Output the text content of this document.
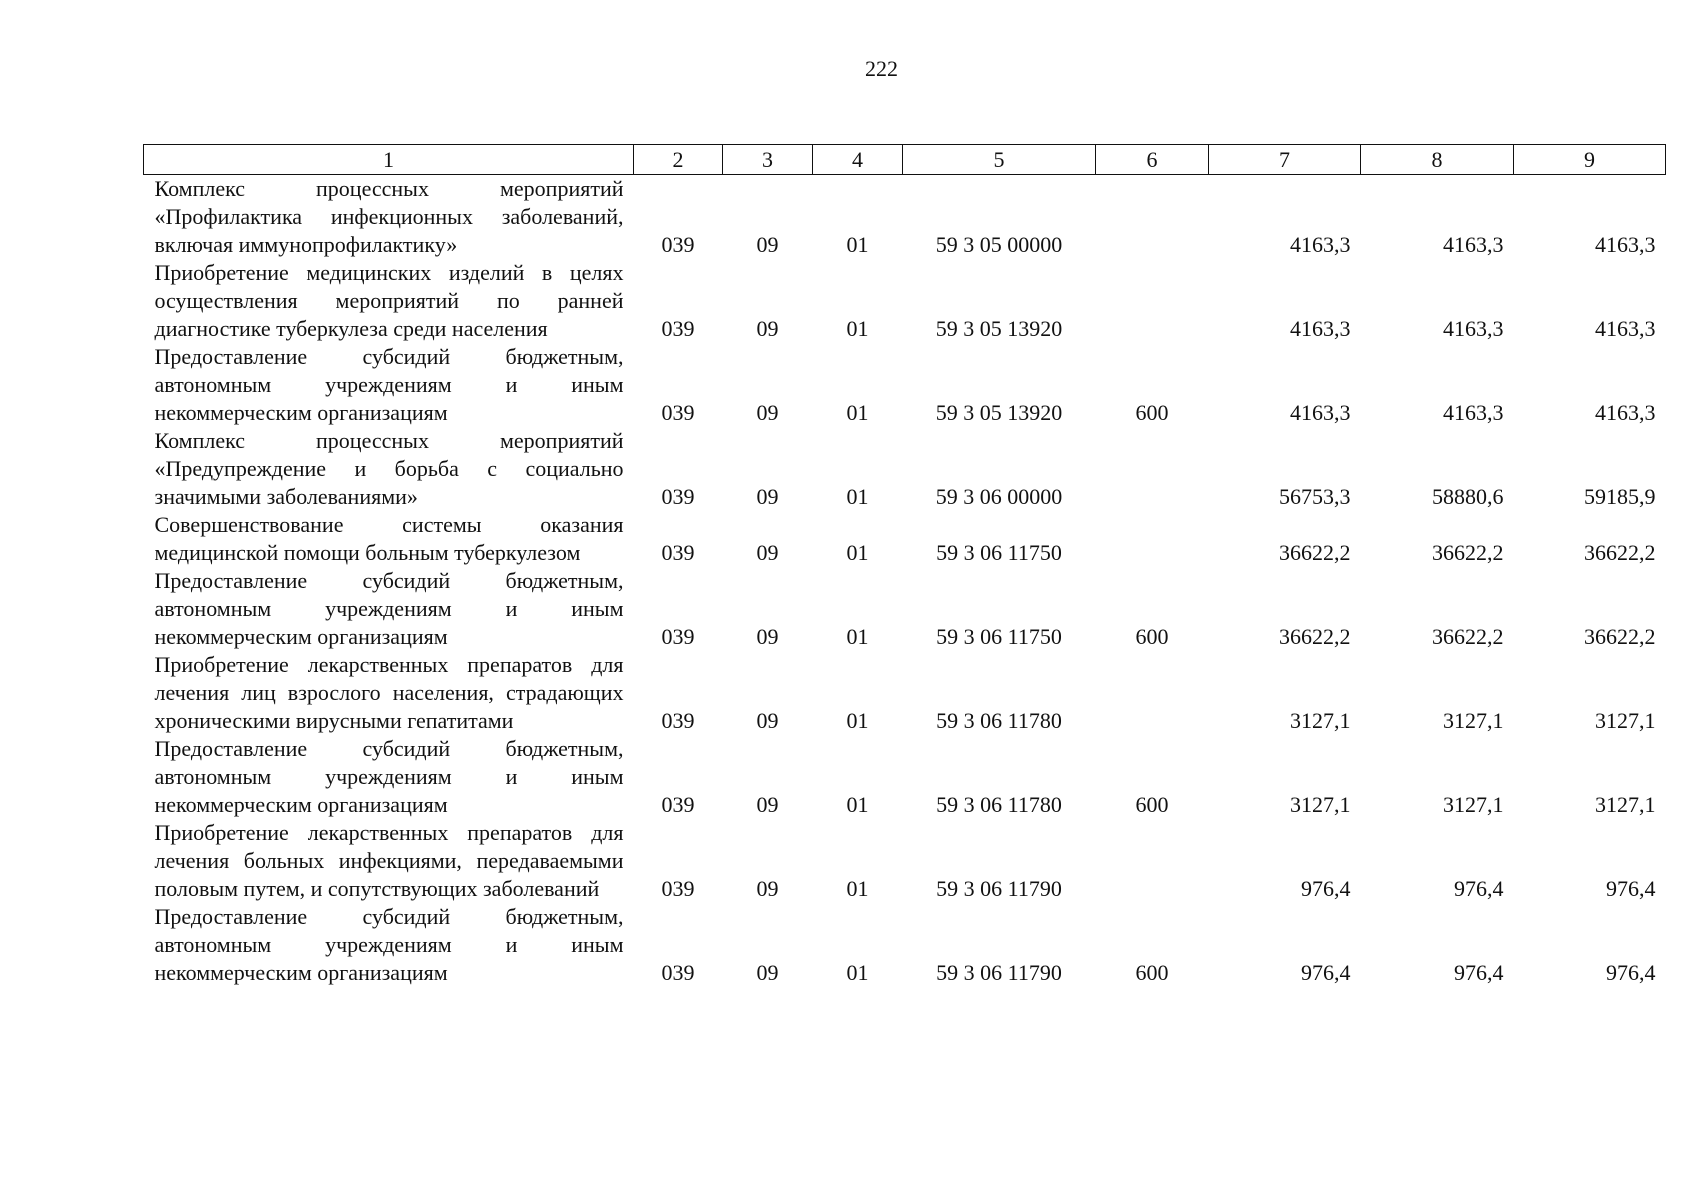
222
1	2	3	4	5	6	7	8	9
Комплекс процессных мероприятий «Профилактика инфекционных заболеваний, включая иммунопрофилактику»	039	09	01	59 3 05 00000		4163,3	4163,3	4163,3
Приобретение медицинских изделий в целях осуществления мероприятий по ранней диагностике туберкулеза среди населения	039	09	01	59 3 05 13920		4163,3	4163,3	4163,3
Предоставление субсидий бюджетным, автономным учреждениям и иным некоммерческим организациям	039	09	01	59 3 05 13920	600	4163,3	4163,3	4163,3
Комплекс процессных мероприятий «Предупреждение и борьба с социально значимыми заболеваниями»	039	09	01	59 3 06 00000		56753,3	58880,6	59185,9
Совершенствование системы оказания медицинской помощи больным туберкулезом	039	09	01	59 3 06 11750		36622,2	36622,2	36622,2
Предоставление субсидий бюджетным, автономным учреждениям и иным некоммерческим организациям	039	09	01	59 3 06 11750	600	36622,2	36622,2	36622,2
Приобретение лекарственных препаратов для лечения лиц взрослого населения, страдающих хроническими вирусными гепатитами	039	09	01	59 3 06 11780		3127,1	3127,1	3127,1
Предоставление субсидий бюджетным, автономным учреждениям и иным некоммерческим организациям	039	09	01	59 3 06 11780	600	3127,1	3127,1	3127,1
Приобретение лекарственных препаратов для лечения больных инфекциями, передаваемыми половым путем, и сопутствующих заболеваний	039	09	01	59 3 06 11790		976,4	976,4	976,4
Предоставление субсидий бюджетным, автономным учреждениям и иным некоммерческим организациям	039	09	01	59 3 06 11790	600	976,4	976,4	976,4
